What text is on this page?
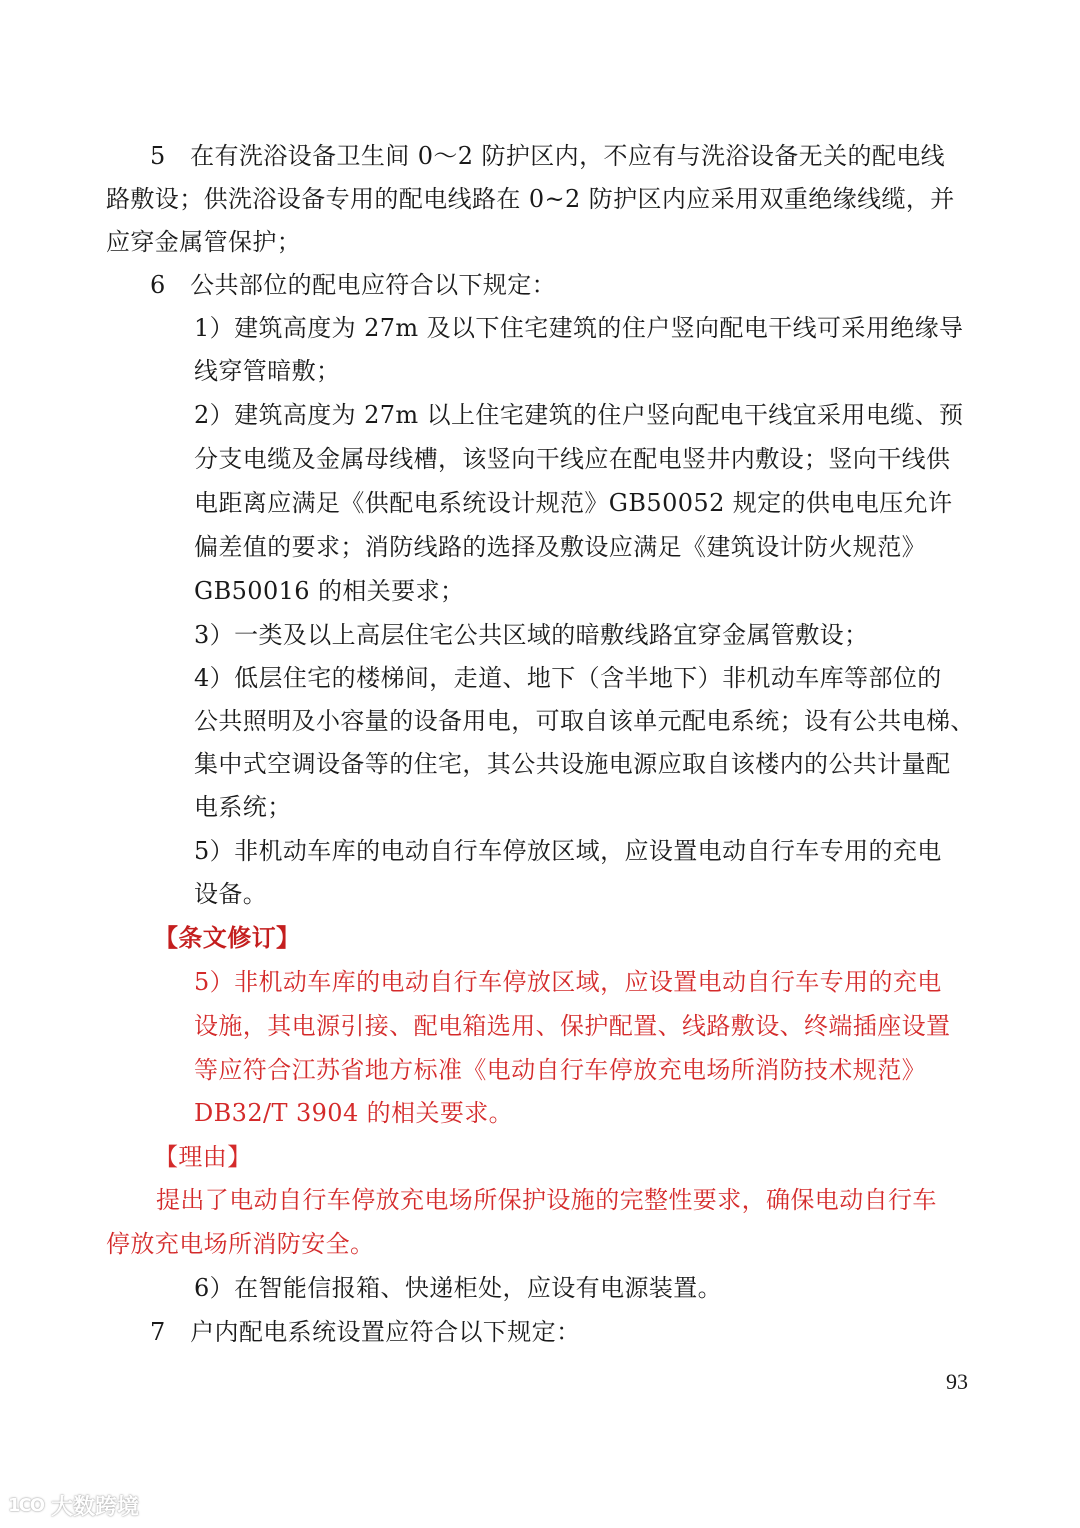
5　在有洗浴设备卫生间 0～2 防护区内，不应有与洗浴设备无关的配电线
路敷设；供洗浴设备专用的配电线路在 0~2 防护区内应采用双重绝缘线缆，并
应穿金属管保护；
6　公共部位的配电应符合以下规定：
1）建筑高度为 27m 及以下住宅建筑的住户竖向配电干线可采用绝缘导
线穿管暗敷；
2）建筑高度为 27m 以上住宅建筑的住户竖向配电干线宜采用电缆、预
分支电缆及金属母线槽，该竖向干线应在配电竖井内敷设；竖向干线供
电距离应满足《供配电系统设计规范》GB50052 规定的供电电压允许
偏差值的要求；消防线路的选择及敷设应满足《建筑设计防火规范》
GB50016 的相关要求；
3）一类及以上高层住宅公共区域的暗敷线路宜穿金属管敷设；
4）低层住宅的楼梯间，走道、地下（含半地下）非机动车库等部位的
公共照明及小容量的设备用电，可取自该单元配电系统；设有公共电梯、
集中式空调设备等的住宅，其公共设施电源应取自该楼内的公共计量配
电系统；
5）非机动车库的电动自行车停放区域，应设置电动自行车专用的充电
设备。
【条文修订】
5）非机动车库的电动自行车停放区域，应设置电动自行车专用的充电
设施，其电源引接、配电箱选用、保护配置、线路敷设、终端插座设置
等应符合江苏省地方标准《电动自行车停放充电场所消防技术规范》
DB32/T 3904 的相关要求。
【理由】
提出了电动自行车停放充电场所保护设施的完整性要求，确保电动自行车
停放充电场所消防安全。
6）在智能信报箱、快递柜处，应设有电源装置。
7　户内配电系统设置应符合以下规定：
93
1CO 大数跨境
